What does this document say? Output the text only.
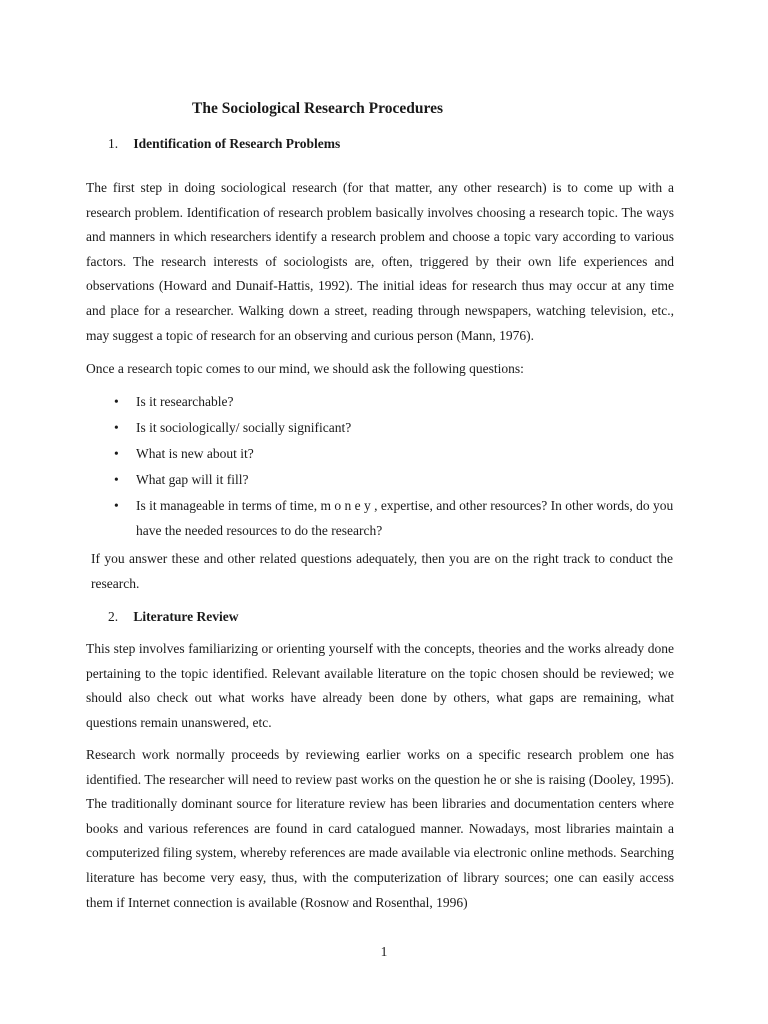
The Sociological Research Procedures
1. Identification of Research Problems

The first step in doing sociological research (for that matter, any other research) is to come up with a research problem. Identification of research problem basically involves choosing a research topic. The ways and manners in which researchers identify a research problem and choose a topic vary according to various factors. The research interests of sociologists are, often, triggered by their own life experiences and observations (Howard and Dunaif-Hattis, 1992). The initial ideas for research thus may occur at any time and place for a researcher. Walking down a street, reading through newspapers, watching television, etc., may suggest a topic of research for an observing and curious person (Mann, 1976).

Once a research topic comes to our mind, we should ask the following questions:

• Is it researchable?
• Is it sociologically/ socially significant?
• What is new about it?
• What gap will it fill?
• Is it manageable in terms of time, m o n e y , expertise, and other resources? In other words, do you have the needed resources to do the research?

If you answer these and other related questions adequately, then you are on the right track to conduct the research.

2. Literature Review

This step involves familiarizing or orienting yourself with the concepts, theories and the works already done pertaining to the topic identified. Relevant available literature on the topic chosen should be reviewed; we should also check out what works have already been done by others, what gaps are remaining, what questions remain unanswered, etc.

Research work normally proceeds by reviewing earlier works on a specific research problem one has identified. The researcher will need to review past works on the question he or she is raising (Dooley, 1995). The traditionally dominant source for literature review has been libraries and documentation centers where books and various references are found in card catalogued manner. Nowadays, most libraries maintain a computerized filing system, whereby references are made available via electronic online methods. Searching literature has become very easy, thus, with the computerization of library sources; one can easily access them if Internet connection is available (Rosnow and Rosenthal, 1996)

1
